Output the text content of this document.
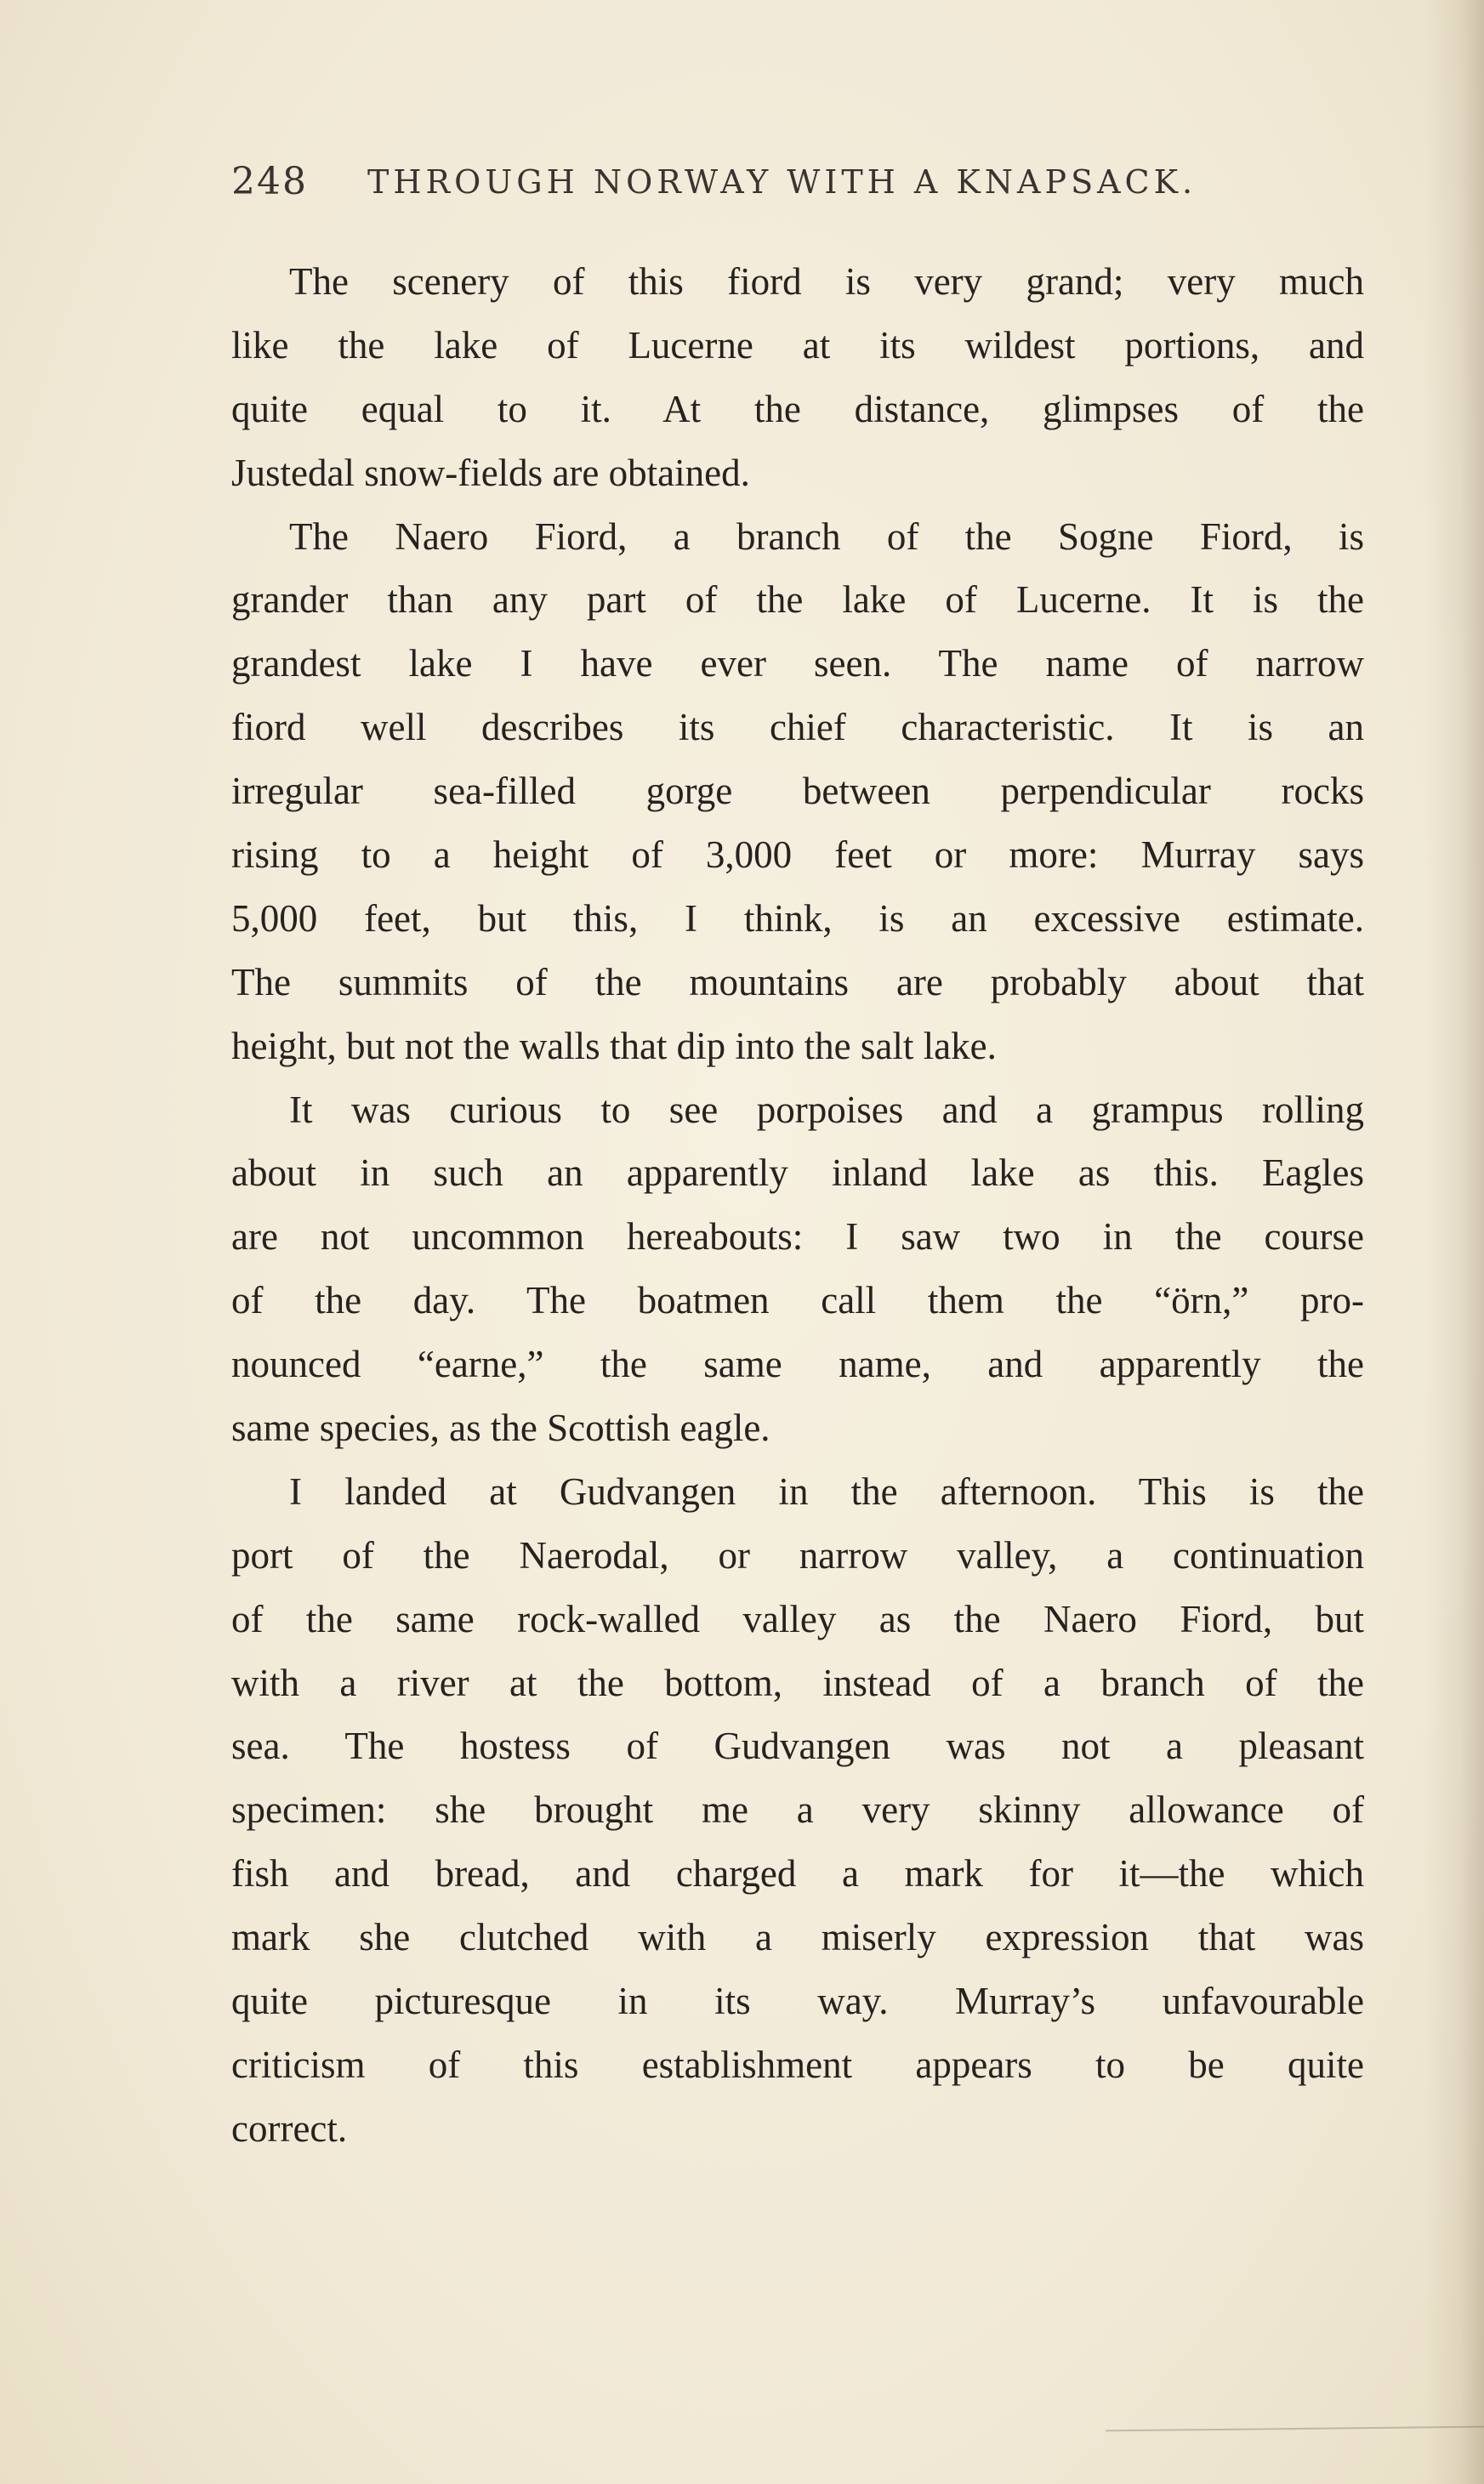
248 THROUGH NORWAY WITH A KNAPSACK.
The scenery of this fiord is very grand; very much
like the lake of Lucerne at its wildest portions, and
quite equal to it. At the distance, glimpses of the
Justedal snow-fields are obtained.
The Naero Fiord, a branch of the Sogne Fiord, is
grander than any part of the lake of Lucerne. It is the
grandest lake I have ever seen. The name of narrow
fiord well describes its chief characteristic. It is an
irregular sea-filled gorge between perpendicular rocks
rising to a height of 3,000 feet or more: Murray says
5,000 feet, but this, I think, is an excessive estimate.
The summits of the mountains are probably about that
height, but not the walls that dip into the salt lake.
It was curious to see porpoises and a grampus rolling
about in such an apparently inland lake as this. Eagles
are not uncommon hereabouts: I saw two in the course
of the day. The boatmen call them the “örn,” pro-
nounced “earne,” the same name, and apparently the
same species, as the Scottish eagle.
I landed at Gudvangen in the afternoon. This is the
port of the Naerodal, or narrow valley, a continuation
of the same rock-walled valley as the Naero Fiord, but
with a river at the bottom, instead of a branch of the
sea. The hostess of Gudvangen was not a pleasant
specimen: she brought me a very skinny allowance of
fish and bread, and charged a mark for it—the which
mark she clutched with a miserly expression that was
quite picturesque in its way. Murray’s unfavourable
criticism of this establishment appears to be quite
correct.
